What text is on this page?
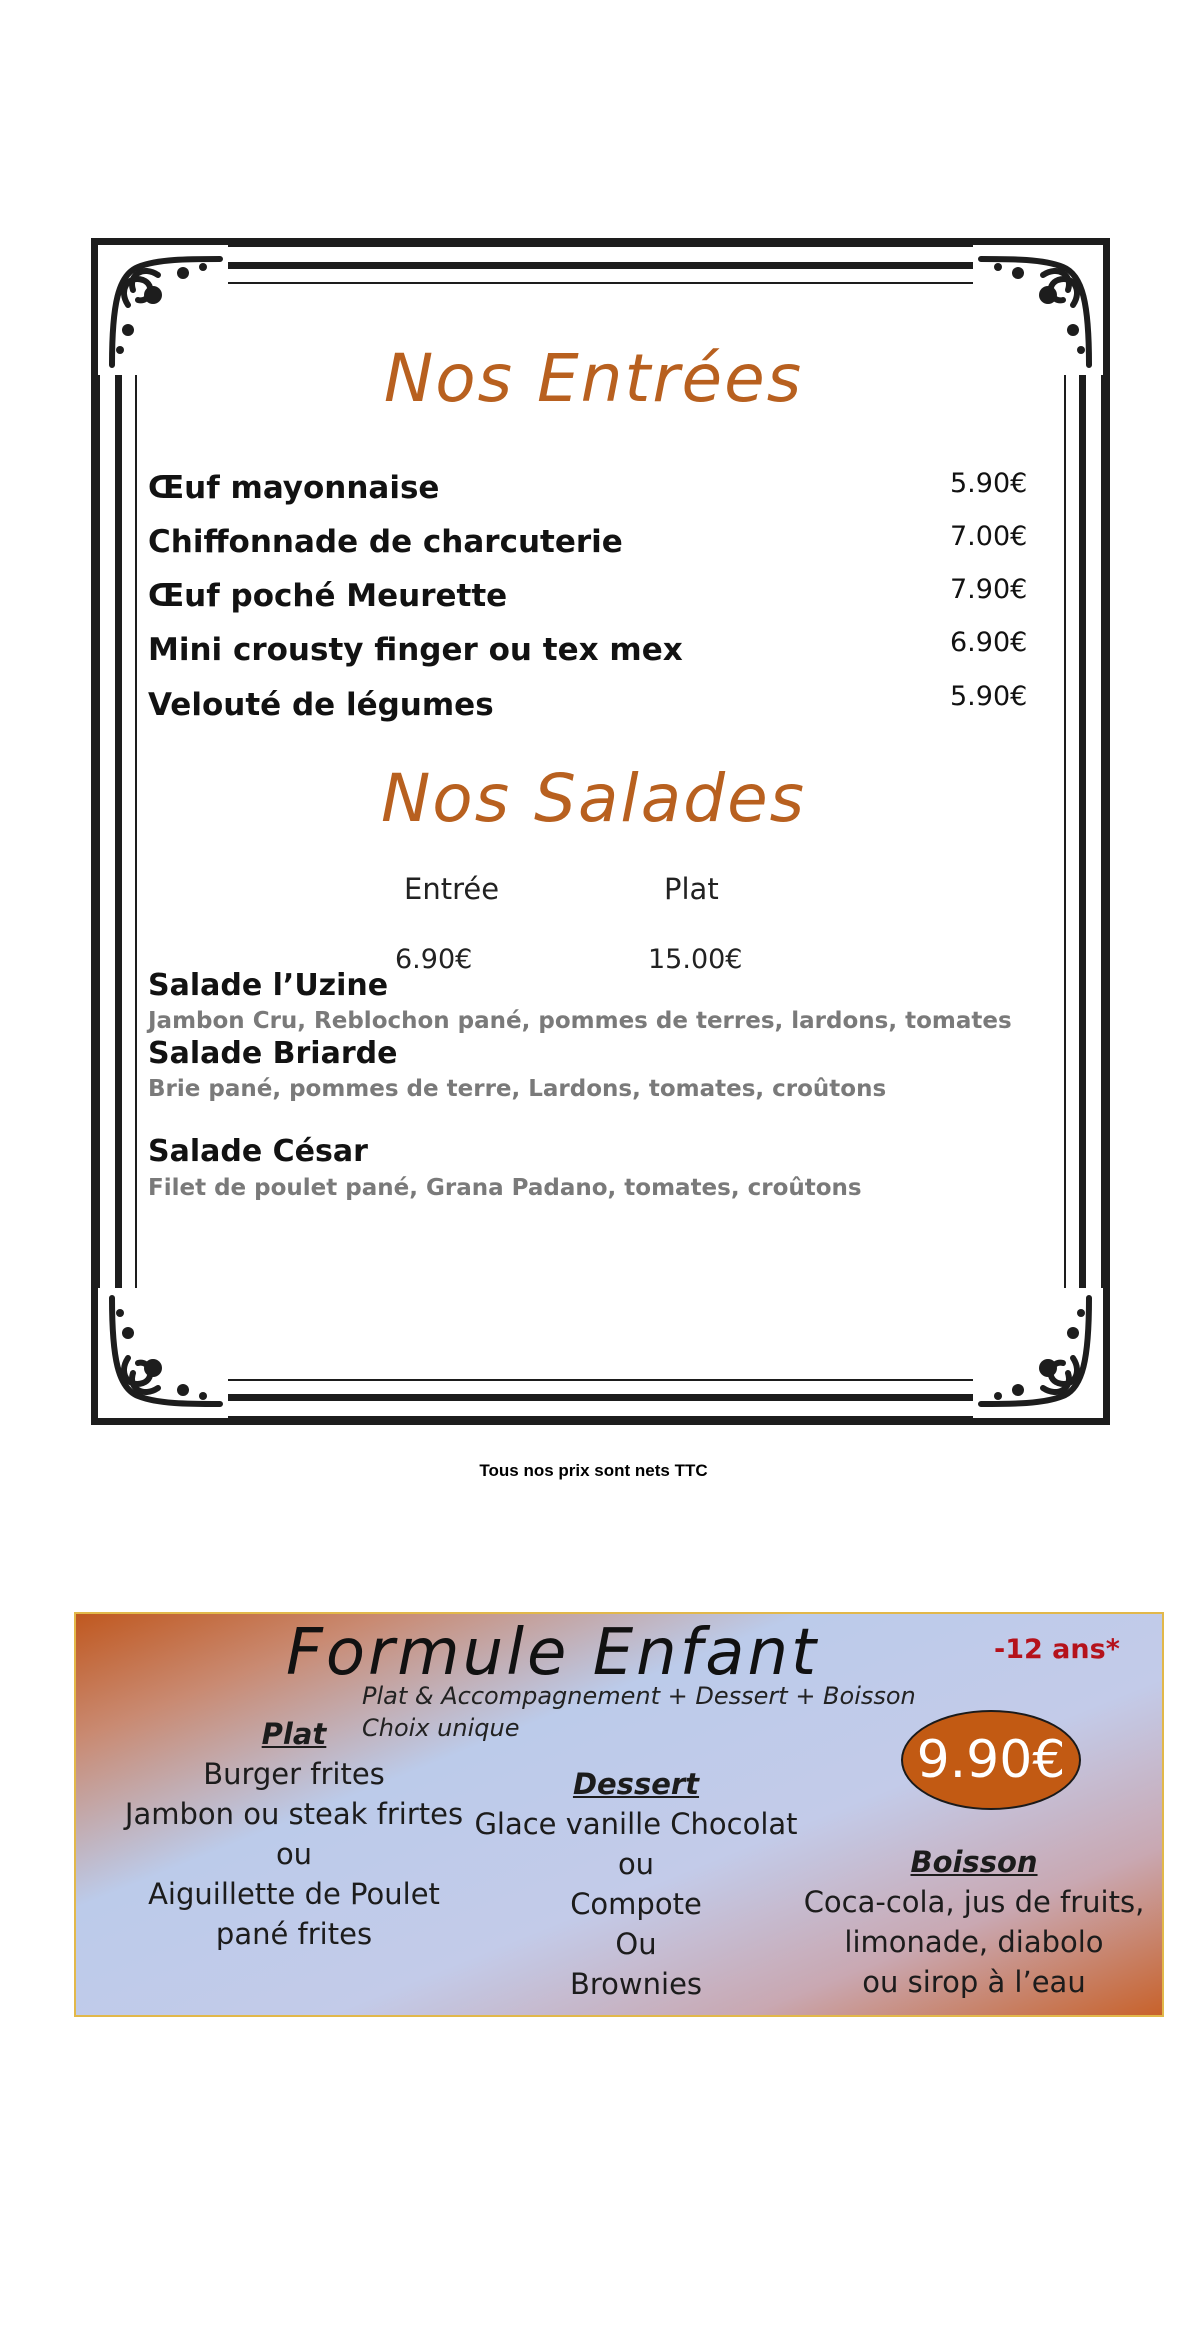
Nos Entrées
Œuf mayonnaise	5.90€
Chiffonnade de charcuterie	7.00€
Œuf poché Meurette	7.90€
Mini crousty finger ou tex mex	6.90€
Velouté de légumes	5.90€
Nos Salades
Entrée	Plat
6.90€	15.00€
Salade l’Uzine
Jambon Cru, Reblochon pané, pommes de terres, lardons, tomates
Salade Briarde
Brie pané, pommes de terre, Lardons, tomates, croûtons
Salade César
Filet de poulet pané, Grana Padano, tomates, croûtons
Tous nos prix sont nets TTC
Formule Enfant	-12 ans*
Plat & Accompagnement + Dessert + Boisson
Choix unique
9.90€
Plat
Burger frites
Jambon ou steak frirtes
ou
Aiguillette de Poulet
pané frites
Dessert
Glace vanille Chocolat
ou
Compote
Ou
Brownies
Boisson
Coca-cola, jus de fruits,
limonade, diabolo
ou sirop à l’eau
